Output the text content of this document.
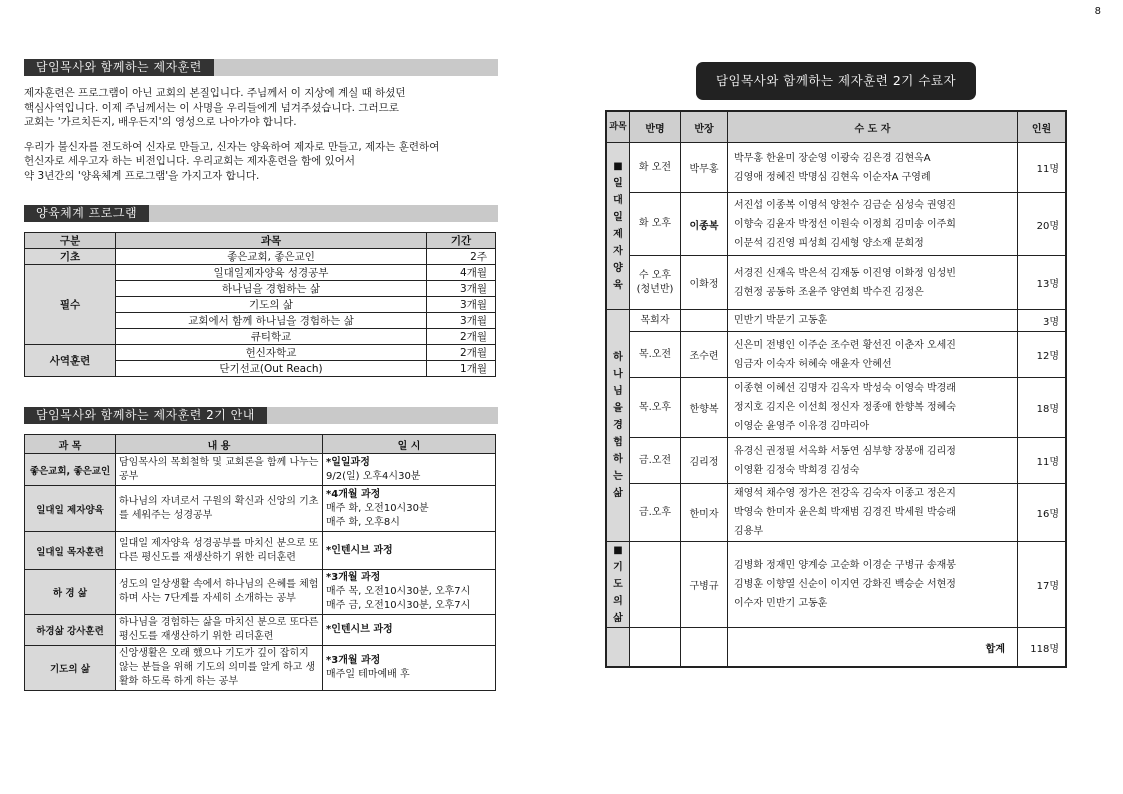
8
담임목사와 함께하는 제자훈련
제자훈련은 프로그램이 아닌 교회의 본질입니다. 주님께서 이 지상에 계실 때 하셨던
핵심사역입니다. 이제 주님께서는 이 사명을 우리들에게 넘겨주셨습니다. 그러므로
교회는 '가르치든지, 배우든지'의 영성으로 나아가야 합니다.
우리가 불신자를 전도하여 신자로 만들고, 신자는 양육하여 제자로 만들고, 제자는 훈련하여
헌신자로 세우고자 하는 비전입니다. 우리교회는 제자훈련을 함에 있어서
약 3년간의 '양육체계 프로그램'을 가지고자 합니다.
양육체계 프로그램
구분	과목	기간
기초	좋은교회, 좋은교인	2주
필수	일대일제자양육 성경공부	4개월
	하나님을 경험하는 삶	3개월
	기도의 삶	3개월
	교회에서 함께 하나님을 경험하는 삶	3개월
	큐티학교	2개월
사역훈련	헌신자학교	2개월
	단기선교(Out Reach)	1개월
담임목사와 함께하는 제자훈련 2기 안내
과 목	내 용	일 시
좋은교회, 좋은교인	담임목사의 목회철학 및 교회론을 함께 나누는 공부	*일일과정
9/2(일) 오후4시30분

일대일 제자양육	하나님의 자녀로서 구원의 확신과 신앙의 기초를 세워주는 성경공부	*4개월 과정
매주 화, 오전10시30분
매주 화, 오후8시

일대일 목자훈련	일대일 제자양육 성경공부를 마치신 분으로 또다른 평신도를 재생산하기 위한 리더훈련	*인텐시브 과정

하 경 삶	성도의 일상생활 속에서 하나님의 은혜를 체험하며 사는 7단계를 자세히 소개하는 공부	*3개월 과정
매주 목, 오전10시30분, 오후7시
매주 금, 오전10시30분, 오후7시

하경삶 강사훈련	하나님을 경험하는 삶을 마치신 분으로 또다른 평신도를 재생산하기 위한 리더훈련	*인텐시브 과정

기도의 삶	신앙생활은 오래 했으나 기도가 깊이 잡히지 않는 분들을 위해 기도의 의미를 알게 하고 생활화 하도록 하게 하는 공부	*3개월 과정
매주일 테마예배 후
담임목사와 함께하는 제자훈련 2기 수료자
과목	반명	반장	수 도 자	인원

■ 일대일제자양육	화 오전	박무홍	박무홍 한윤미 장순영 이광숙 김은경 김현옥A
김영애 정혜진 박명심 김현옥 이순자A 구영례	11명
	화 오후	이종복	서진섭 이종복 이영석 양천수 김금순 심성숙 권영진
이향숙 김윤자 박정선 이원숙 이정희 김미송 이주희
이문석 김진영 피성희 김세형 양소재 문희정	20명
	수 오후 (청년반)	이화정	서경진 신재옥 박은석 김재동 이진영 이화정 임성빈
김현정 공동하 조윤주 양연희 박수진 김정은	13명

하나님을경험하는삶	목회자		민반기 박문기 고동훈	3명
	목.오전	조수련	신은미 전병인 이주순 조수련 황선진 이춘자 오세진
임금자 이숙자 허혜숙 애윤자 안혜선	12명
	목.오후	한향복	이종현 이혜선 김명자 김옥자 박성숙 이영숙 박경래
정지호 김지은 이선희 정신자 정종애 한향복 정혜숙
이영순 윤영주 이유경 김마리아	18명
	금.오전	김리정	유경신 권정필 서옥화 서동연 심부향 장봉애 김리정
이영환 김정숙 박희경 김성숙	11명
	금.오후	한미자	채영석 채수영 정가은 전강옥 김숙자 이종고 정은지
박영숙 한미자 윤은희 박재범 김경진 박세원 박승래
김용부	16명

■ 기도의삶		구병규	김병화 정재민 양계승 고순화 이경순 구병규 송재봉
김병훈 이향열 신순이 이지연 강화진 백승순 서현정
이수자 민반기 고동훈	17명
			합계	118명
